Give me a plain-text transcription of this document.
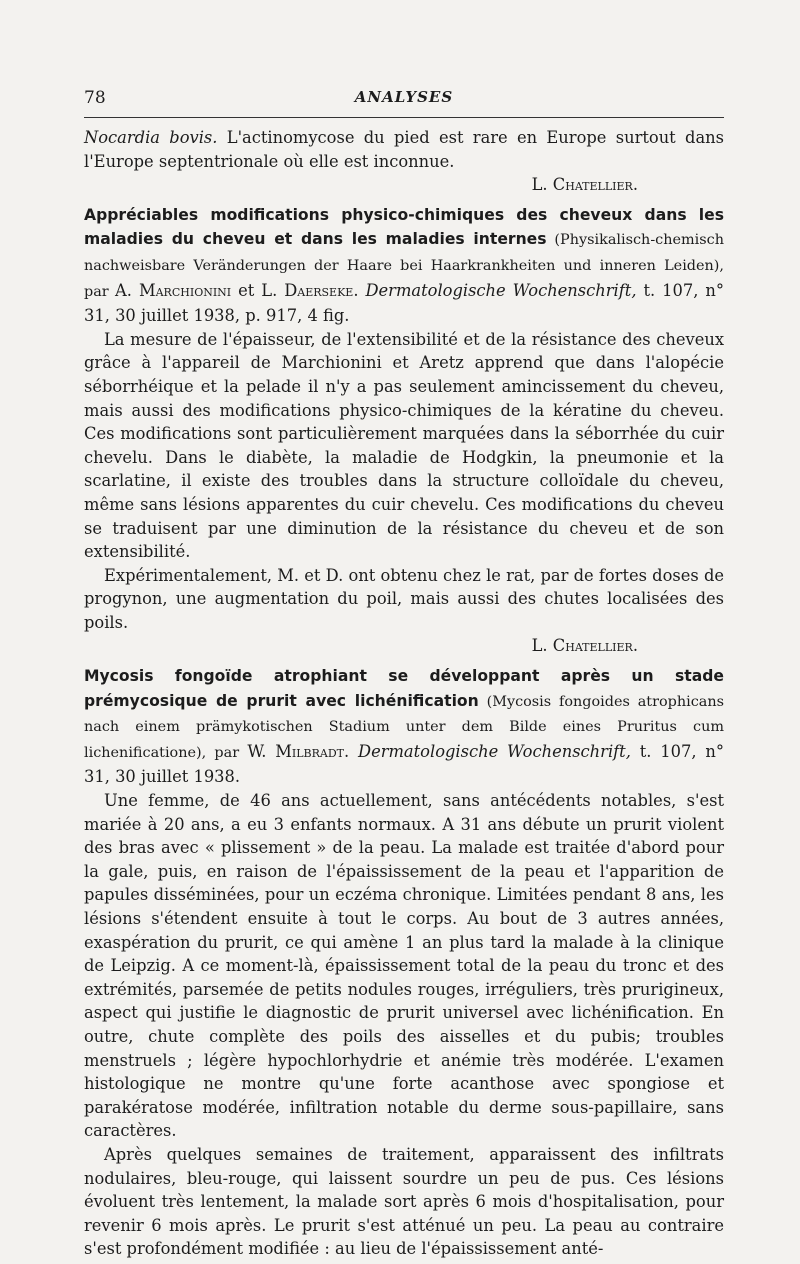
78	ANALYSES

Nocardia bovis. L'actinomycose du pied est rare en Europe surtout dans l'Europe septentrionale où elle est inconnue.

L. Chatellier.

Appréciables modifications physico-chimiques des cheveux dans les maladies du cheveu et dans les maladies internes (Physikalisch-chemisch nachweisbare Veränderungen der Haare bei Haarkrankheiten und inneren Leiden), par A. Marchionini et L. Daerseke. Dermatologische Wochenschrift, t. 107, n° 31, 30 juillet 1938, p. 917, 4 fig.

La mesure de l'épaisseur, de l'extensibilité et de la résistance des cheveux grâce à l'appareil de Marchionini et Aretz apprend que dans l'alopécie séborrhéique et la pelade il n'y a pas seulement amincissement du cheveu, mais aussi des modifications physico-chimiques de la kératine du cheveu. Ces modifications sont particulièrement marquées dans la séborrhée du cuir chevelu. Dans le diabète, la maladie de Hodgkin, la pneumonie et la scarlatine, il existe des troubles dans la structure colloïdale du cheveu, même sans lésions apparentes du cuir chevelu. Ces modifications du cheveu se traduisent par une diminution de la résistance du cheveu et de son extensibilité.

Expérimentalement, M. et D. ont obtenu chez le rat, par de fortes doses de progynon, une augmentation du poil, mais aussi des chutes localisées des poils.

L. Chatellier.

Mycosis fongoïde atrophiant se développant après un stade prémycosique de prurit avec lichénification (Mycosis fongoides atrophicans nach einem prämykotischen Stadium unter dem Bilde eines Pruritus cum lichenificatione), par W. Milbradt. Dermatologische Wochenschrift, t. 107, n° 31, 30 juillet 1938.

Une femme, de 46 ans actuellement, sans antécédents notables, s'est mariée à 20 ans, a eu 3 enfants normaux. A 31 ans débute un prurit violent des bras avec « plissement » de la peau. La malade est traitée d'abord pour la gale, puis, en raison de l'épaississement de la peau et l'apparition de papules disséminées, pour un eczéma chronique. Limitées pendant 8 ans, les lésions s'étendent ensuite à tout le corps. Au bout de 3 autres années, exaspération du prurit, ce qui amène 1 an plus tard la malade à la clinique de Leipzig. A ce moment-là, épaississement total de la peau du tronc et des extrémités, parsemée de petits nodules rouges, irréguliers, très prurigineux, aspect qui justifie le diagnostic de prurit universel avec lichénification. En outre, chute complète des poils des aisselles et du pubis; troubles menstruels ; légère hypochlorhydrie et anémie très modérée. L'examen histologique ne montre qu'une forte acanthose avec spongiose et parakératose modérée, infiltration notable du derme sous-papillaire, sans caractères.

Après quelques semaines de traitement, apparaissent des infiltrats nodulaires, bleu-rouge, qui laissent sourdre un peu de pus. Ces lésions évoluent très lentement, la malade sort après 6 mois d'hospitalisation, pour revenir 6 mois après. Le prurit s'est atténué un peu. La peau au contraire s'est profondément modifiée : au lieu de l'épaississement anté-
